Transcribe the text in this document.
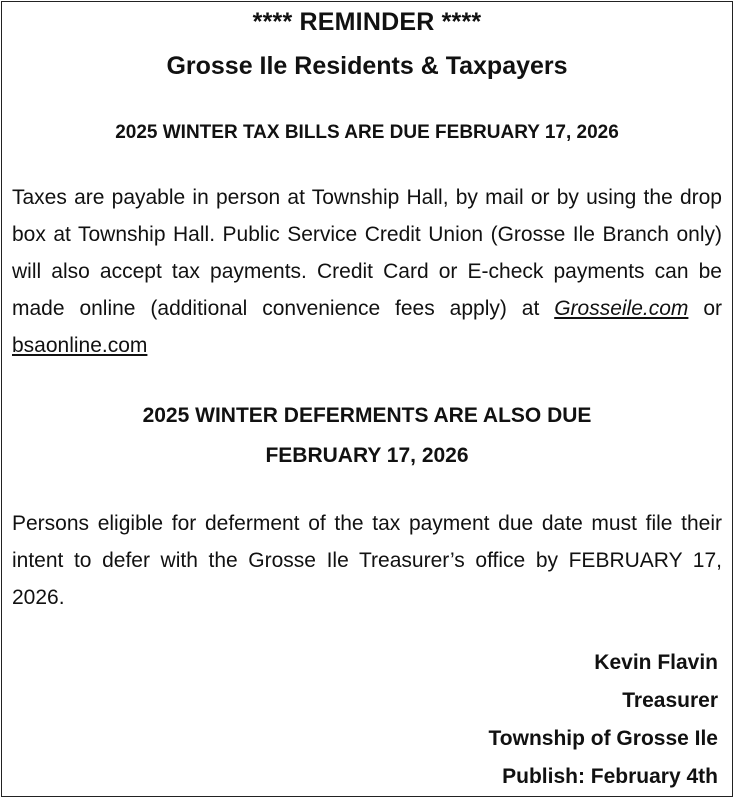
**** REMINDER ****
Grosse Ile Residents & Taxpayers
2025 WINTER TAX BILLS ARE DUE FEBRUARY 17, 2026
Taxes are payable in person at Township Hall, by mail or by using the drop box at Township Hall. Public Service Credit Union (Grosse Ile Branch only) will also accept tax payments. Credit Card or E-check payments can be made online (additional convenience fees apply) at Grosseile.com or bsaonline.com
2025 WINTER DEFERMENTS ARE ALSO DUE
FEBRUARY 17, 2026
Persons eligible for deferment of the tax payment due date must file their intent to defer with the Grosse Ile Treasurer’s office by FEBRUARY 17, 2026.
Kevin Flavin
Treasurer
Township of Grosse Ile
Publish: February 4th
